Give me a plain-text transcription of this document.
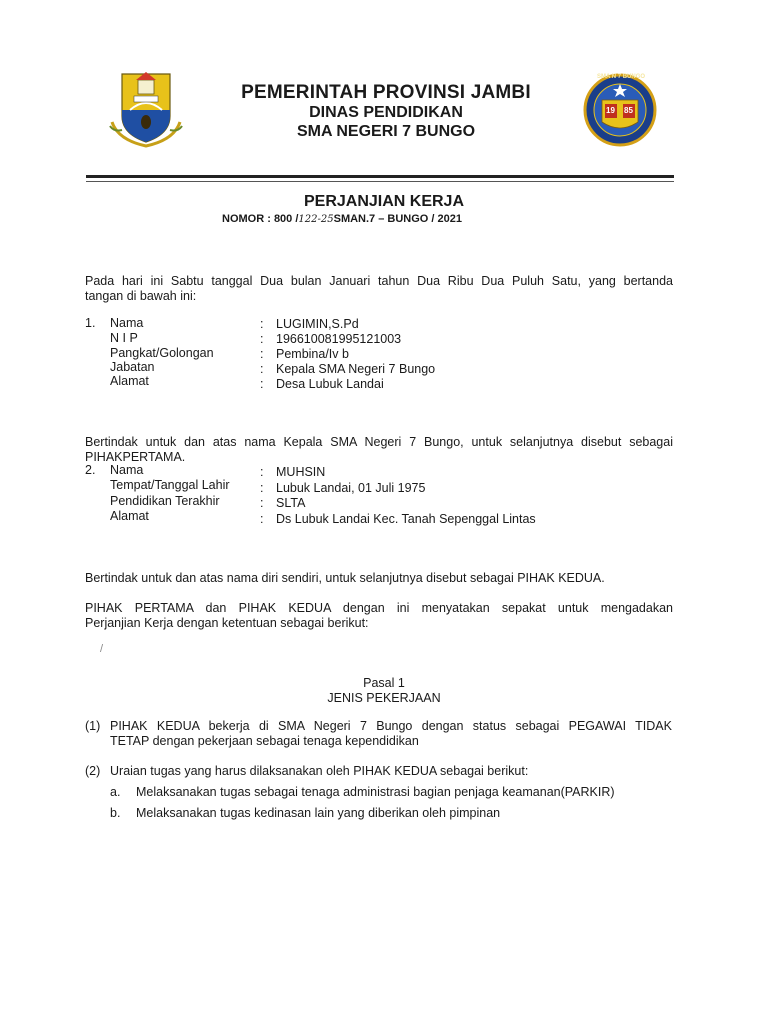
PEMERINTAH PROVINSI JAMBI
DINAS PENDIDIKAN
SMA NEGERI 7 BUNGO
SMA N 7 BUNGO
19 85
PERJANJIAN KERJA
NOMOR : 800 /122-25SMAN.7 – BUNGO / 2021
Pada hari ini Sabtu tanggal Dua bulan Januari tahun Dua Ribu Dua Puluh Satu, yang bertanda
tangan di bawah ini:
1. Nama	: LUGIMIN,S.Pd
N I P	: 196610081995121003
Pangkat/Golongan	: Pembina/Iv b
Jabatan	: Kepala SMA Negeri 7 Bungo
Alamat	: Desa Lubuk Landai
Bertindak untuk dan atas nama Kepala SMA Negeri 7 Bungo, untuk selanjutnya disebut sebagai
PIHAKPERTAMA.
2. Nama	: MUHSIN
Tempat/Tanggal Lahir : Lubuk Landai, 01 Juli 1975
Pendidikan Terakhir	: SLTA
Alamat	: Ds Lubuk Landai Kec. Tanah Sepenggal Lintas
Bertindak untuk dan atas nama diri sendiri, untuk selanjutnya disebut sebagai PIHAK KEDUA.
PIHAK PERTAMA dan PIHAK KEDUA dengan ini menyatakan sepakat untuk mengadakan
Perjanjian Kerja dengan ketentuan sebagai berikut:
/
Pasal 1
JENIS PEKERJAAN
(1) PIHAK KEDUA bekerja di SMA Negeri 7 Bungo dengan status sebagai PEGAWAI TIDAK
TETAP dengan pekerjaan sebagai tenaga kependidikan
(2) Uraian tugas yang harus dilaksanakan oleh PIHAK KEDUA sebagai berikut:
a. Melaksanakan tugas sebagai tenaga administrasi bagian penjaga keamanan(PARKIR)
b. Melaksanakan tugas kedinasan lain yang diberikan oleh pimpinan
